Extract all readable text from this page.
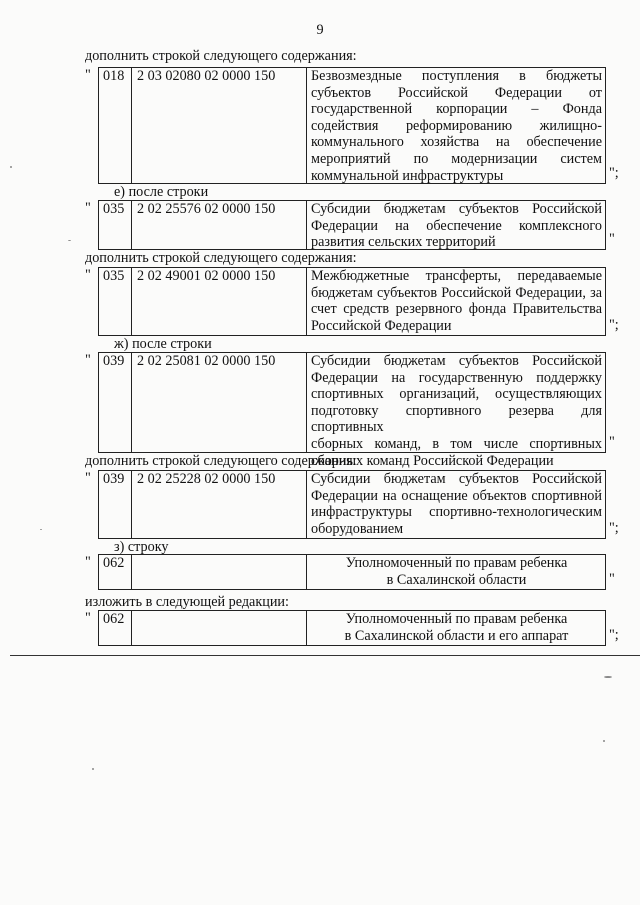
9
дополнить строкой следующего содержания:
" 018 2 03 02080 02 0000 150	Безвозмездные поступления в бюджеты
субъектов Российской Федерации от
государственной корпорации – Фонда
содействия реформированию жилищно-
коммунального хозяйства на обеспечение
мероприятий по модернизации систем
коммунальной инфраструктуры	";
е) после строки
" 035 2 02 25576 02 0000 150	Субсидии бюджетам субъектов Российской
Федерации на обеспечение комплексного
развития сельских территорий	"
дополнить строкой следующего содержания:
" 035 2 02 49001 02 0000 150	Межбюджетные трансферты, передаваемые
бюджетам субъектов Российской Федерации, за
счет средств резервного фонда Правительства
Российской Федерации	";
ж) после строки
" 039 2 02 25081 02 0000 150	Субсидии бюджетам субъектов Российской
Федерации на государственную поддержку
спортивных организаций, осуществляющих
подготовку спортивного резерва для спортивных
сборных команд, в том числе спортивных
сборных команд Российской Федерации
"
дополнить строкой следующего содержания:
" 039 2 02 25228 02 0000 150	Субсидии бюджетам субъектов Российской
Федерации на оснащение объектов спортивной
инфраструктуры спортивно-технологическим
оборудованием	";
з) строку
" 062	Уполномоченный по правам ребенка
в Сахалинской области	"
изложить в следующей редакции:
" 062	Уполномоченный по правам ребенка
в Сахалинской области и его аппарат	";
